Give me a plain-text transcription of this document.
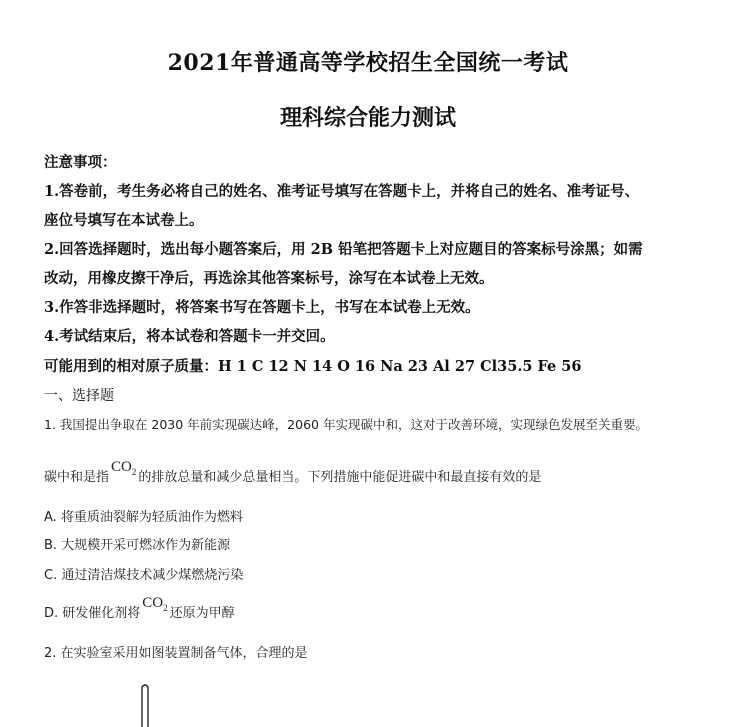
2021年普通高等学校招生全国统一考试
理科综合能力测试
注意事项：
1.答卷前，考生务必将自己的姓名、准考证号填写在答题卡上，并将自己的姓名、准考证号、
座位号填写在本试卷上。
2.回答选择题时，选出每小题答案后，用 2B 铅笔把答题卡上对应题目的答案标号涂黑；如需
改动，用橡皮擦干净后，再选涂其他答案标号，涂写在本试卷上无效。
3.作答非选择题时，将答案书写在答题卡上，书写在本试卷上无效。
4.考试结束后，将本试卷和答题卡一并交回。
可能用到的相对原子质量：H 1 C 12 N 14 O 16 Na 23 Al 27 Cl35.5 Fe 56
一、选择题
1. 我国提出争取在 2030 年前实现碳达峰，2060 年实现碳中和，这对于改善环境，实现绿色发展至关重要。
碳中和是指$CO_2$ 的排放总量和减少总量相当。下列措施中能促进碳中和最直接有效的是
A. 将重质油裂解为轻质油作为燃料
B. 大规模开采可燃冰作为新能源
C. 通过清洁煤技术减少煤燃烧污染
D. 研发催化剂将$CO_2$ 还原为甲醇
2. 在实验室采用如图装置制备气体，合理的是
